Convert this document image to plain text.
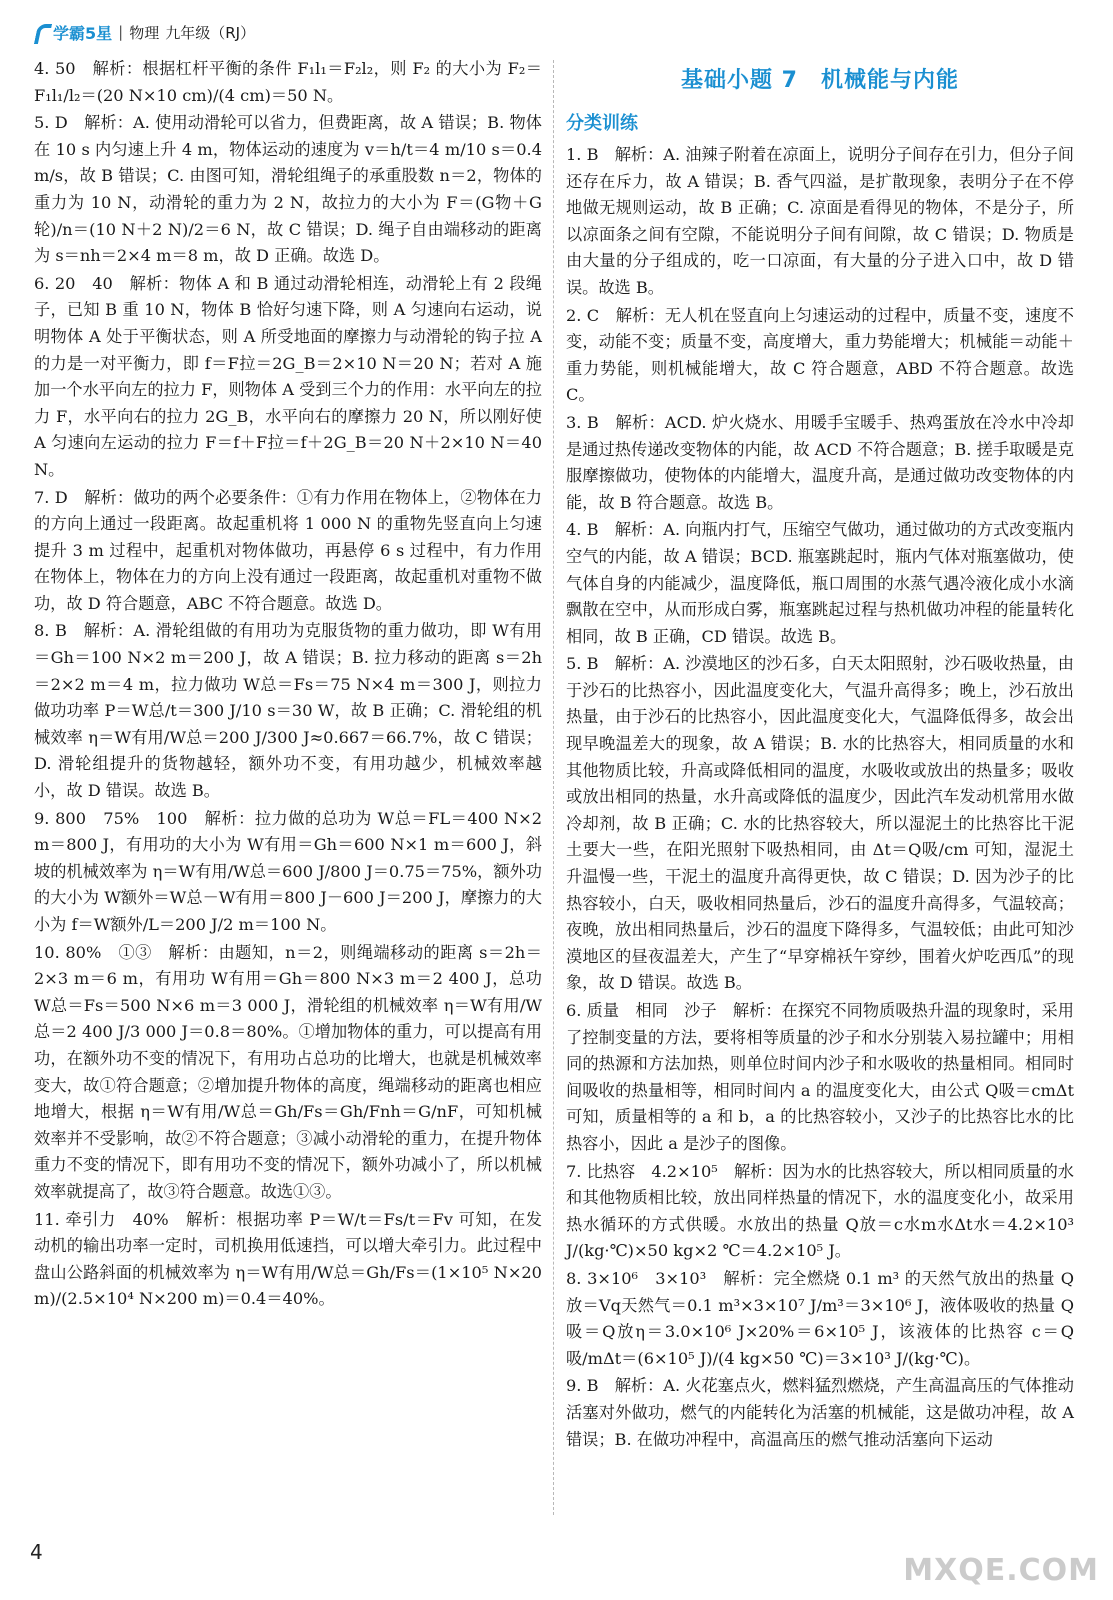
学霸5星 | 物理 九年级（RJ）

4. 50　解析：根据杠杆平衡的条件 F₁l₁＝F₂l₂，则 F₂ 的大小为 F₂＝F₁l₁/l₂＝(20 N×10 cm)/(4 cm)＝50 N。

5. D　解析：A. 使用动滑轮可以省力，但费距离，故 A 错误；B. 物体在 10 s 内匀速上升 4 m，物体运动的速度为 v＝h/t＝4 m/10 s＝0.4 m/s，故 B 错误；C. 由图可知，滑轮组绳子的承重股数 n＝2，物体的重力为 10 N，动滑轮的重力为 2 N，故拉力的大小为 F＝(G物＋G轮)/n＝(10 N＋2 N)/2＝6 N，故 C 错误；D. 绳子自由端移动的距离为 s＝nh＝2×4 m＝8 m，故 D 正确。故选 D。

6. 20　40　解析：物体 A 和 B 通过动滑轮相连，动滑轮上有 2 段绳子，已知 B 重 10 N，物体 B 恰好匀速下降，则 A 匀速向右运动，说明物体 A 处于平衡状态，则 A 所受地面的摩擦力与动滑轮的钩子拉 A 的力是一对平衡力，即 f＝F拉＝2G_B＝2×10 N＝20 N；若对 A 施加一个水平向左的拉力 F，则物体 A 受到三个力的作用：水平向左的拉力 F，水平向右的拉力 2G_B，水平向右的摩擦力 20 N，所以刚好使 A 匀速向左运动的拉力 F＝f＋F拉＝f＋2G_B＝20 N＋2×10 N＝40 N。

7. D　解析：做功的两个必要条件：①有力作用在物体上，②物体在力的方向上通过一段距离。故起重机将 1 000 N 的重物先竖直向上匀速提升 3 m 过程中，起重机对物体做功，再悬停 6 s 过程中，有力作用在物体上，物体在力的方向上没有通过一段距离，故起重机对重物不做功，故 D 符合题意，ABC 不符合题意。故选 D。

8. B　解析：A. 滑轮组做的有用功为克服货物的重力做功，即 W有用＝Gh＝100 N×2 m＝200 J，故 A 错误；B. 拉力移动的距离 s＝2h＝2×2 m＝4 m，拉力做功 W总＝Fs＝75 N×4 m＝300 J，则拉力做功功率 P＝W总/t＝300 J/10 s＝30 W，故 B 正确；C. 滑轮组的机械效率 η＝W有用/W总＝200 J/300 J≈0.667＝66.7%，故 C 错误；D. 滑轮组提升的货物越轻，额外功不变，有用功越少，机械效率越小，故 D 错误。故选 B。

9. 800　75%　100　解析：拉力做的总功为 W总＝FL＝400 N×2 m＝800 J，有用功的大小为 W有用＝Gh＝600 N×1 m＝600 J，斜坡的机械效率为 η＝W有用/W总＝600 J/800 J＝0.75＝75%，额外功的大小为 W额外＝W总－W有用＝800 J－600 J＝200 J，摩擦力的大小为 f＝W额外/L＝200 J/2 m＝100 N。

10. 80%　①③　解析：由题知，n＝2，则绳端移动的距离 s＝2h＝2×3 m＝6 m，有用功 W有用＝Gh＝800 N×3 m＝2 400 J，总功 W总＝Fs＝500 N×6 m＝3 000 J，滑轮组的机械效率 η＝W有用/W总＝2 400 J/3 000 J＝0.8＝80%。①增加物体的重力，可以提高有用功，在额外功不变的情况下，有用功占总功的比增大，也就是机械效率变大，故①符合题意；②增加提升物体的高度，绳端移动的距离也相应地增大，根据 η＝W有用/W总＝Gh/Fs＝Gh/Fnh＝G/nF，可知机械效率并不受影响，故②不符合题意；③减小动滑轮的重力，在提升物体重力不变的情况下，即有用功不变的情况下，额外功减小了，所以机械效率就提高了，故③符合题意。故选①③。

11. 牵引力　40%　解析：根据功率 P＝W/t＝Fs/t＝Fv 可知，在发动机的输出功率一定时，司机换用低速挡，可以增大牵引力。此过程中盘山公路斜面的机械效率为 η＝W有用/W总＝Gh/Fs＝(1×10⁵ N×20 m)/(2.5×10⁴ N×200 m)＝0.4＝40%。

基础小题 7　机械能与内能

分类训练

1. B　解析：A. 油辣子附着在凉面上，说明分子间存在引力，但分子间还存在斥力，故 A 错误；B. 香气四溢，是扩散现象，表明分子在不停地做无规则运动，故 B 正确；C. 凉面是看得见的物体，不是分子，所以凉面条之间有空隙，不能说明分子间有间隙，故 C 错误；D. 物质是由大量的分子组成的，吃一口凉面，有大量的分子进入口中，故 D 错误。故选 B。

2. C　解析：无人机在竖直向上匀速运动的过程中，质量不变，速度不变，动能不变；质量不变，高度增大，重力势能增大；机械能＝动能＋重力势能，则机械能增大，故 C 符合题意，ABD 不符合题意。故选 C。

3. B　解析：ACD. 炉火烧水、用暖手宝暖手、热鸡蛋放在冷水中冷却是通过热传递改变物体的内能，故 ACD 不符合题意；B. 搓手取暖是克服摩擦做功，使物体的内能增大，温度升高，是通过做功改变物体的内能，故 B 符合题意。故选 B。

4. B　解析：A. 向瓶内打气，压缩空气做功，通过做功的方式改变瓶内空气的内能，故 A 错误；BCD. 瓶塞跳起时，瓶内气体对瓶塞做功，使气体自身的内能减少，温度降低，瓶口周围的水蒸气遇冷液化成小水滴飘散在空中，从而形成白雾，瓶塞跳起过程与热机做功冲程的能量转化相同，故 B 正确，CD 错误。故选 B。

5. B　解析：A. 沙漠地区的沙石多，白天太阳照射，沙石吸收热量，由于沙石的比热容小，因此温度变化大，气温升高得多；晚上，沙石放出热量，由于沙石的比热容小，因此温度变化大，气温降低得多，故会出现早晚温差大的现象，故 A 错误；B. 水的比热容大，相同质量的水和其他物质比较，升高或降低相同的温度，水吸收或放出的热量多；吸收或放出相同的热量，水升高或降低的温度少，因此汽车发动机常用水做冷却剂，故 B 正确；C. 水的比热容较大，所以湿泥土的比热容比干泥土要大一些，在阳光照射下吸热相同，由 Δt＝Q吸/cm 可知，湿泥土升温慢一些，干泥土的温度升高得更快，故 C 错误；D. 因为沙子的比热容较小，白天，吸收相同热量后，沙石的温度升高得多，气温较高；夜晚，放出相同热量后，沙石的温度下降得多，气温较低；由此可知沙漠地区的昼夜温差大，产生了“早穿棉袄午穿纱，围着火炉吃西瓜”的现象，故 D 错误。故选 B。

6. 质量　相同　沙子　解析：在探究不同物质吸热升温的现象时，采用了控制变量的方法，要将相等质量的沙子和水分别装入易拉罐中；用相同的热源和方法加热，则单位时间内沙子和水吸收的热量相同。相同时间吸收的热量相等，相同时间内 a 的温度变化大，由公式 Q吸＝cmΔt 可知，质量相等的 a 和 b，a 的比热容较小，又沙子的比热容比水的比热容小，因此 a 是沙子的图像。

7. 比热容　4.2×10⁵　解析：因为水的比热容较大，所以相同质量的水和其他物质相比较，放出同样热量的情况下，水的温度变化小，故采用热水循环的方式供暖。水放出的热量 Q放＝c水m水Δt水＝4.2×10³ J/(kg·℃)×50 kg×2 ℃＝4.2×10⁵ J。

8. 3×10⁶　3×10³　解析：完全燃烧 0.1 m³ 的天然气放出的热量 Q放＝Vq天然气＝0.1 m³×3×10⁷ J/m³＝3×10⁶ J，液体吸收的热量 Q吸＝Q放η＝3.0×10⁶ J×20%＝6×10⁵ J，该液体的比热容 c＝Q吸/mΔt＝(6×10⁵ J)/(4 kg×50 ℃)＝3×10³ J/(kg·℃)。

9. B　解析：A. 火花塞点火，燃料猛烈燃烧，产生高温高压的气体推动活塞对外做功，燃气的内能转化为活塞的机械能，这是做功冲程，故 A 错误；B. 在做功冲程中，高温高压的燃气推动活塞向下运动

4
MXQE.COM
